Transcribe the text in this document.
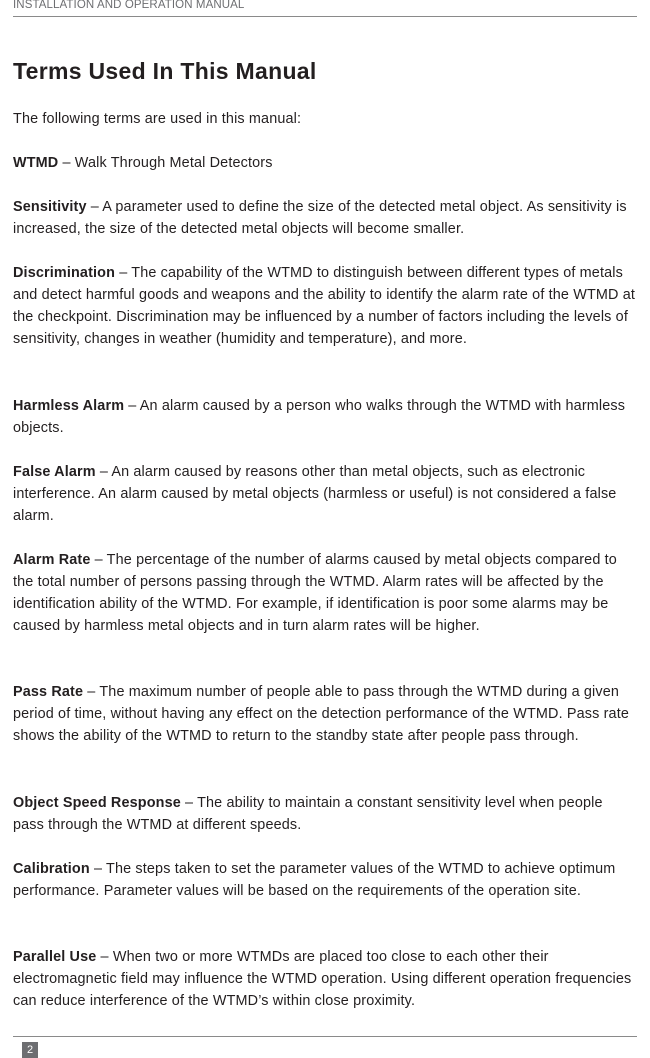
INSTALLATION AND OPERATION MANUAL
Terms Used In This Manual

The following terms are used in this manual:

WTMD – Walk Through Metal Detectors

Sensitivity – A parameter used to define the size of the detected metal object. As sensitivity is increased, the size of the detected metal objects will become smaller.

Discrimination – The capability of the WTMD to distinguish between different types of metals and detect harmful goods and weapons and the ability to identify the alarm rate of the WTMD at the checkpoint. Discrimination may be influenced by a number of factors including the levels of sensitivity, changes in weather (humidity and temperature), and more.

Harmless Alarm – An alarm caused by a person who walks through the WTMD with harmless objects.

False Alarm – An alarm caused by reasons other than metal objects, such as electronic interference. An alarm caused by metal objects (harmless or useful) is not considered a false alarm.

Alarm Rate – The percentage of the number of alarms caused by metal objects compared to the total number of persons passing through the WTMD. Alarm rates will be affected by the identification ability of the WTMD. For example, if identification is poor some alarms may be caused by harmless metal objects and in turn alarm rates will be higher.

Pass Rate – The maximum number of people able to pass through the WTMD during a given period of time, without having any effect on the detection performance of the WTMD. Pass rate shows the ability of the WTMD to return to the standby state after people pass through.

Object Speed Response – The ability to maintain a constant sensitivity level when people pass through the WTMD at different speeds.

Calibration – The steps taken to set the parameter values of the WTMD to achieve optimum performance. Parameter values will be based on the requirements of the operation site.

Parallel Use – When two or more WTMDs are placed too close to each other their electromagnetic field may influence the WTMD operation. Using different operation frequencies can reduce interference of the WTMD’s within close proximity.

2
